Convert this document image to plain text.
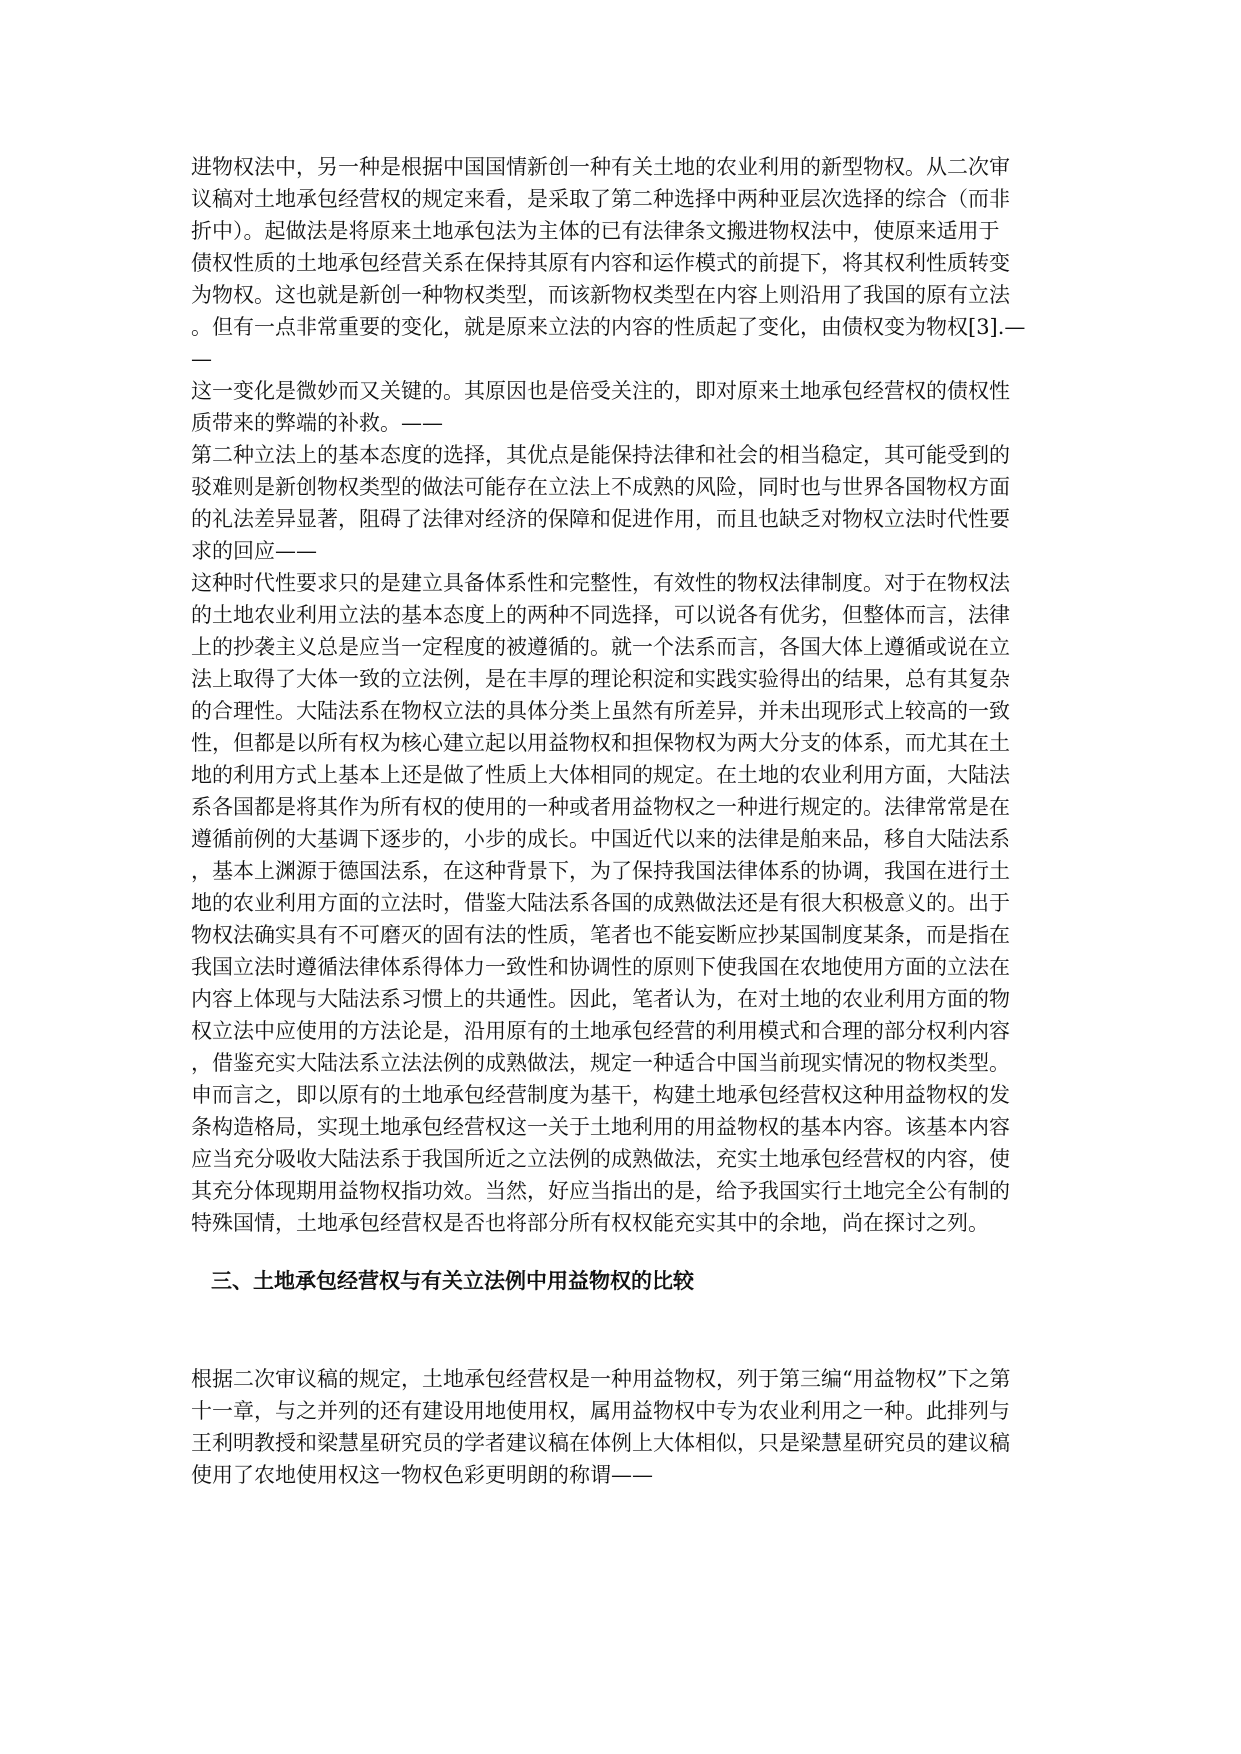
进物权法中，另一种是根据中国国情新创一种有关土地的农业利用的新型物权。从二次审
议稿对土地承包经营权的规定来看，是采取了第二种选择中两种亚层次选择的综合（而非
折中）。起做法是将原来土地承包法为主体的已有法律条文搬进物权法中，使原来适用于
债权性质的土地承包经营关系在保持其原有内容和运作模式的前提下，将其权利性质转变
为物权。这也就是新创一种物权类型，而该新物权类型在内容上则沿用了我国的原有立法
。但有一点非常重要的变化，就是原来立法的内容的性质起了变化，由债权变为物权[3].—
—

这一变化是微妙而又关键的。其原因也是倍受关注的，即对原来土地承包经营权的债权性
质带来的弊端的补救。——

第二种立法上的基本态度的选择，其优点是能保持法律和社会的相当稳定，其可能受到的
驳难则是新创物权类型的做法可能存在立法上不成熟的风险，同时也与世界各国物权方面
的礼法差异显著，阻碍了法律对经济的保障和促进作用，而且也缺乏对物权立法时代性要
求的回应——

这种时代性要求只的是建立具备体系性和完整性，有效性的物权法律制度。对于在物权法
的土地农业利用立法的基本态度上的两种不同选择，可以说各有优劣，但整体而言，法律
上的抄袭主义总是应当一定程度的被遵循的。就一个法系而言，各国大体上遵循或说在立
法上取得了大体一致的立法例，是在丰厚的理论积淀和实践实验得出的结果，总有其复杂
的合理性。大陆法系在物权立法的具体分类上虽然有所差异，并未出现形式上较高的一致
性，但都是以所有权为核心建立起以用益物权和担保物权为两大分支的体系，而尤其在土
地的利用方式上基本上还是做了性质上大体相同的规定。在土地的农业利用方面，大陆法
系各国都是将其作为所有权的使用的一种或者用益物权之一种进行规定的。法律常常是在
遵循前例的大基调下逐步的，小步的成长。中国近代以来的法律是舶来品，移自大陆法系
，基本上渊源于德国法系，在这种背景下，为了保持我国法律体系的协调，我国在进行土
地的农业利用方面的立法时，借鉴大陆法系各国的成熟做法还是有很大积极意义的。出于
物权法确实具有不可磨灭的固有法的性质，笔者也不能妄断应抄某国制度某条，而是指在
我国立法时遵循法律体系得体力一致性和协调性的原则下使我国在农地使用方面的立法在
内容上体现与大陆法系习惯上的共通性。因此，笔者认为，在对土地的农业利用方面的物
权立法中应使用的方法论是，沿用原有的土地承包经营的利用模式和合理的部分权利内容
，借鉴充实大陆法系立法法例的成熟做法，规定一种适合中国当前现实情况的物权类型。
申而言之，即以原有的土地承包经营制度为基干，构建土地承包经营权这种用益物权的发
条构造格局，实现土地承包经营权这一关于土地利用的用益物权的基本内容。该基本内容
应当充分吸收大陆法系于我国所近之立法例的成熟做法，充实土地承包经营权的内容，使
其充分体现期用益物权指功效。当然，好应当指出的是，给予我国实行土地完全公有制的
特殊国情，土地承包经营权是否也将部分所有权权能充实其中的余地，尚在探讨之列。

三、土地承包经营权与有关立法例中用益物权的比较

根据二次审议稿的规定，土地承包经营权是一种用益物权，列于第三编“用益物权”下之第
十一章，与之并列的还有建设用地使用权，属用益物权中专为农业利用之一种。此排列与
王利明教授和梁慧星研究员的学者建议稿在体例上大体相似，只是梁慧星研究员的建议稿
使用了农地使用权这一物权色彩更明朗的称谓——
